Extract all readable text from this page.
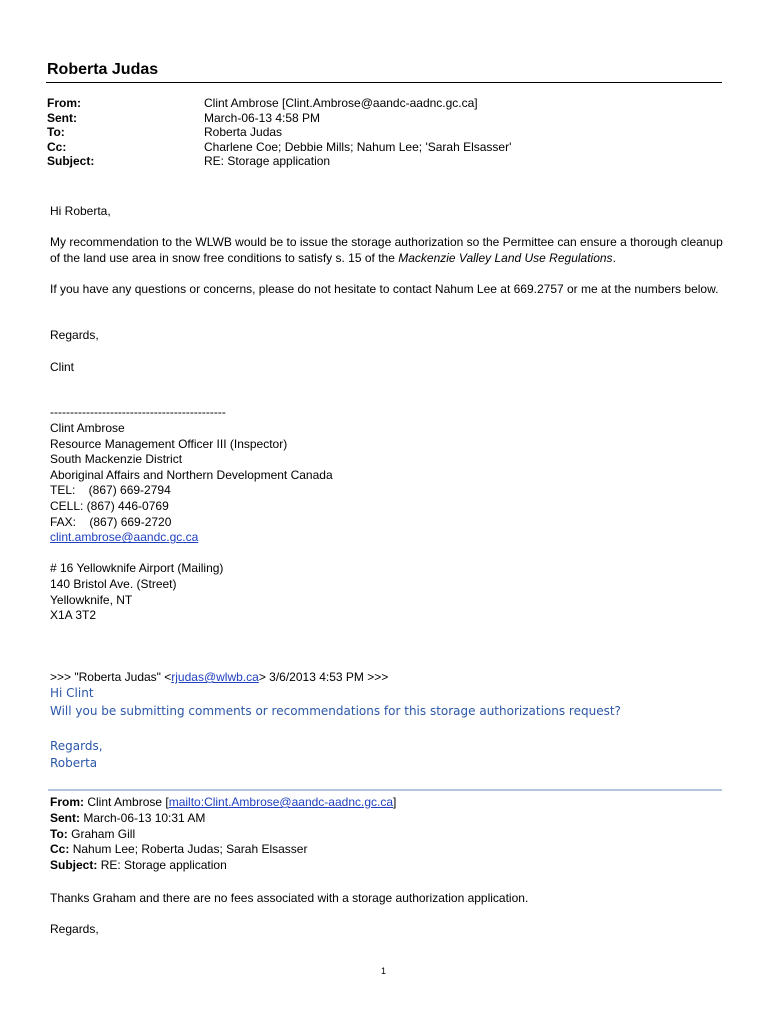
Roberta Judas
From:
Sent:
To:
Cc:
Subject:
Clint Ambrose [Clint.Ambrose@aandc-aadnc.gc.ca]
March-06-13 4:58 PM
Roberta Judas
Charlene Coe; Debbie Mills; Nahum Lee; 'Sarah Elsasser'
RE: Storage application
Hi Roberta,
My recommendation to the WLWB would be to issue the storage authorization so the Permittee can ensure a thorough cleanup of the land use area in snow free conditions to satisfy s. 15 of the Mackenzie Valley Land Use Regulations.
If you have any questions or concerns, please do not hesitate to contact Nahum Lee at 669.2757 or me at the numbers below.
Regards,
Clint
--------------------------------------------
Clint Ambrose
Resource Management Officer III (Inspector)
South Mackenzie District
Aboriginal Affairs and Northern Development Canada
TEL:    (867) 669-2794
CELL: (867) 446-0769
FAX:    (867) 669-2720
clint.ambrose@aandc.gc.ca
# 16 Yellowknife Airport (Mailing)
140 Bristol Ave. (Street)
Yellowknife, NT
X1A 3T2
>>> "Roberta Judas" <rjudas@wlwb.ca> 3/6/2013 4:53 PM >>>
Hi Clint
Will you be submitting comments or recommendations for this storage authorizations request?
Regards,
Roberta
From: Clint Ambrose [mailto:Clint.Ambrose@aandc-aadnc.gc.ca]
Sent: March-06-13 10:31 AM
To: Graham Gill
Cc: Nahum Lee; Roberta Judas; Sarah Elsasser
Subject: RE: Storage application
Thanks Graham and there are no fees associated with a storage authorization application.
Regards,
1
